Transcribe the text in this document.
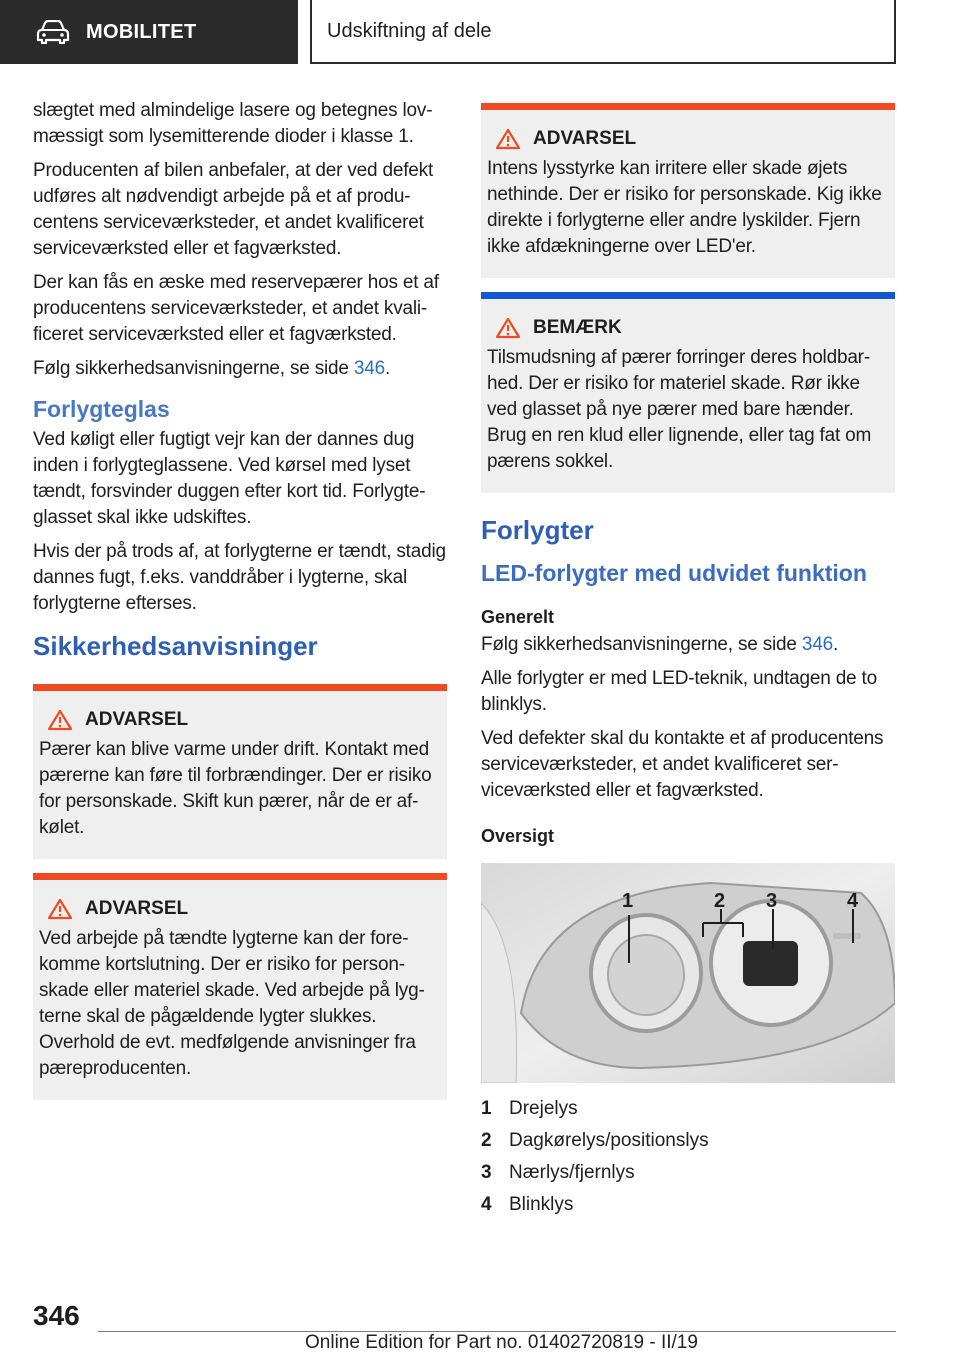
MOBILITET	Udskiftning af dele

slægtet med almindelige lasere og betegnes lovmæssigt som lysemitterende dioder i klasse 1.

Producenten af bilen anbefaler, at der ved defekt udføres alt nødvendigt arbejde på et af producentens serviceværksteder, et andet kvalificeret serviceværksted eller et fagværksted.

Der kan fås en æske med reservepærer hos et af producentens serviceværksteder, et andet kvalificeret serviceværksted eller et fagværksted.

Følg sikkerhedsanvisningerne, se side 346.

Forlygteglas

Ved køligt eller fugtigt vejr kan der dannes dug inden i forlygteglassene. Ved kørsel med lyset tændt, forsvinder duggen efter kort tid. Forlygteglasset skal ikke udskiftes.

Hvis der på trods af, at forlygterne er tændt, stadig dannes fugt, f.eks. vanddråber i lygterne, skal forlygterne efterses.

Sikkerhedsanvisninger
ADVARSEL

Pærer kan blive varme under drift. Kontakt med pærerne kan føre til forbrændinger. Der er risiko for personskade. Skift kun pærer, når de er afkølet.

ADVARSEL

Ved arbejde på tændte lygterne kan der forekomme kortslutning. Der er risiko for personskade eller materiel skade. Ved arbejde på lygterne skal de pågældende lygter slukkes. Overhold de evt. medfølgende anvisninger fra pæreproducenten.

ADVARSEL

Intens lysstyrke kan irritere eller skade øjets nethinde. Der er risiko for personskade. Kig ikke direkte i forlygterne eller andre lyskilder. Fjern ikke afdækningerne over LED'er.

BEMÆRK

Tilsmudsning af pærer forringer deres holdbarhed. Der er risiko for materiel skade. Rør ikke ved glasset på nye pærer med bare hænder. Brug en ren klud eller lignende, eller tag fat om pærens sokkel.

Forlygter
LED-forlygter med udvidet funktion
Generelt

Følg sikkerhedsanvisningerne, se side 346.

Alle forlygter er med LED-teknik, undtagen de to blinklys.

Ved defekter skal du kontakte et af producentens serviceværksteder, et andet kvalificeret serviceværksted eller et fagværksted.

Oversigt
1	2 3	4
1 Drejelys
2 Dagkørelys/positionslys
3 Nærlys/fjernlys
4 Blinklys
346
Online Edition for Part no. 01402720819 - II/19
